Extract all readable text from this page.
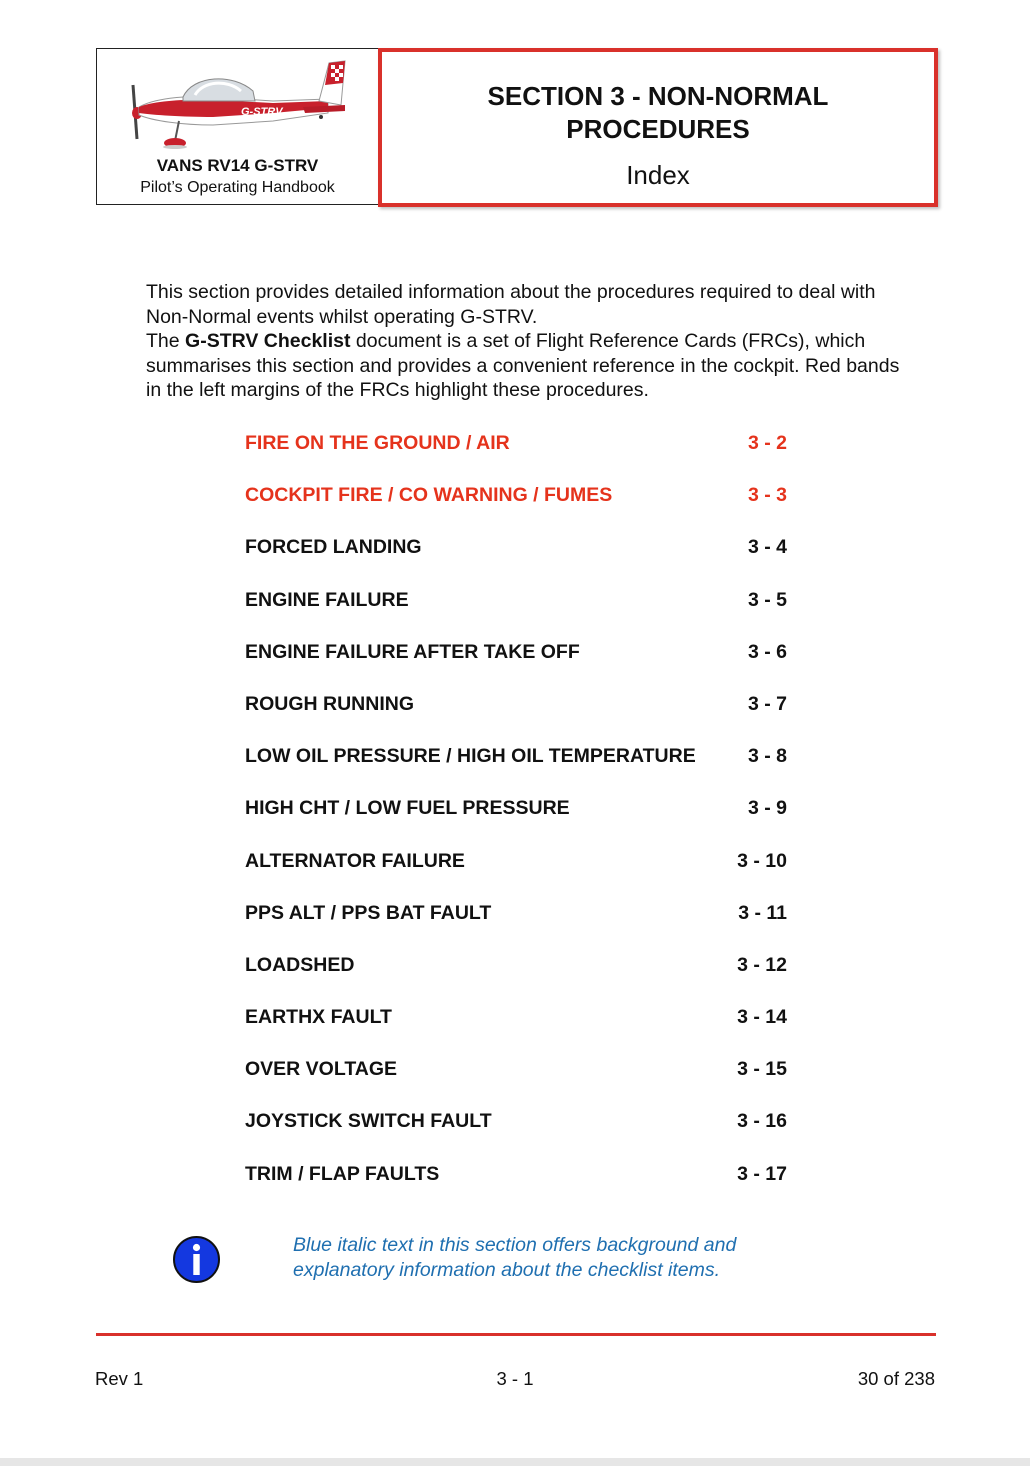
G-STRV
VANS RV14 G-STRV
Pilot’s Operating Handbook
SECTION 3 - NON-NORMAL PROCEDURES
Index

This section provides detailed information about the procedures required to deal with Non-Normal events whilst operating G-STRV.

The G-STRV Checklist document is a set of Flight Reference Cards (FRCs), which summarises this section and provides a convenient reference in the cockpit. Red bands in the left margins of the FRCs highlight these procedures.

FIRE ON THE GROUND / AIR	3 - 2
COCKPIT FIRE / CO WARNING / FUMES	3 - 3
FORCED LANDING	3 - 4
ENGINE FAILURE	3 - 5
ENGINE FAILURE AFTER TAKE OFF	3 - 6
ROUGH RUNNING	3 - 7
LOW OIL PRESSURE / HIGH OIL TEMPERATURE	3 - 8
HIGH CHT / LOW FUEL PRESSURE	3 - 9
ALTERNATOR FAILURE	3 - 10
PPS ALT / PPS BAT FAULT	3 - 11
LOADSHED	3 - 12
EARTHX FAULT	3 - 14
OVER VOLTAGE	3 - 15
JOYSTICK SWITCH FAULT	3 - 16
TRIM / FLAP FAULTS	3 - 17
Blue italic text in this section offers background and explanatory information about the checklist items.
Rev 1	3 - 1	30 of 238
